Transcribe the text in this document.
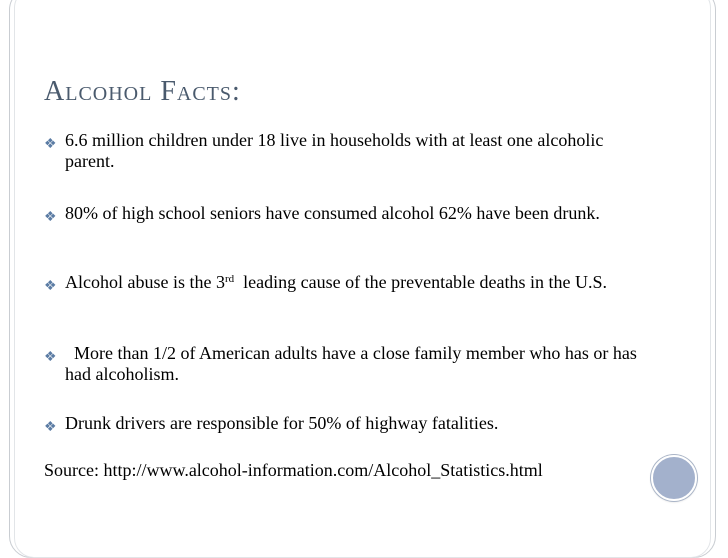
Alcohol Facts:
❖ 6.6 million children under 18 live in households with at least one alcoholic parent.
❖ 80% of high school seniors have consumed alcohol 62% have been drunk.
❖ Alcohol abuse is the 3rd  leading cause of the preventable deaths in the U.S.
❖ More than 1/2 of American adults have a close family member who has or has had alcoholism.
❖ Drunk drivers are responsible for 50% of highway fatalities.
Source: http://www.alcohol-information.com/Alcohol_Statistics.html
